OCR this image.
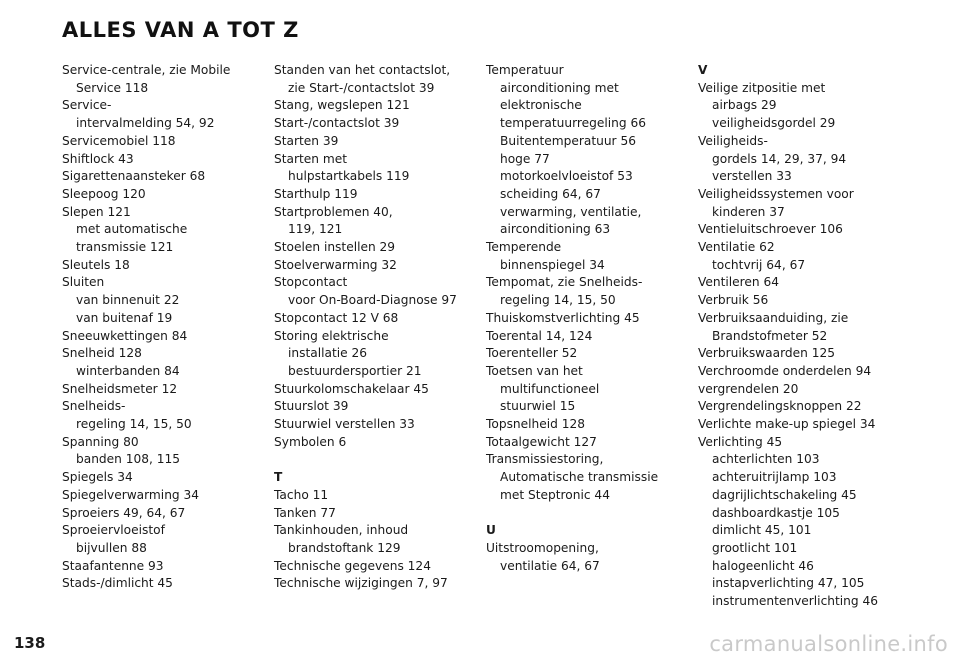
ALLES VAN A TOT Z
Service-centrale, zie Mobile
Service 118
Service-
intervalmelding 54, 92
Servicemobiel 118
Shiftlock 43
Sigarettenaansteker 68
Sleepoog 120
Slepen 121
met automatische
transmissie 121
Sleutels 18
Sluiten
van binnenuit 22
van buitenaf 19
Sneeuwkettingen 84
Snelheid 128
winterbanden 84
Snelheidsmeter 12
Snelheids-
regeling 14, 15, 50
Spanning 80
banden 108, 115
Spiegels 34
Spiegelverwarming 34
Sproeiers 49, 64, 67
Sproeiervloeistof
bijvullen 88
Staafantenne 93
Stads-/dimlicht 45
Standen van het contactslot,
zie Start-/contactslot 39
Stang, wegslepen 121
Start-/contactslot 39
Starten 39
Starten met
hulpstartkabels 119
Starthulp 119
Startproblemen 40,
119, 121
Stoelen instellen 29
Stoelverwarming 32
Stopcontact
voor On-Board-Diagnose 97
Stopcontact 12 V 68
Storing elektrische
installatie 26
bestuurdersportier 21
Stuurkolomschakelaar 45
Stuurslot 39
Stuurwiel verstellen 33
Symbolen 6
T
Tacho 11
Tanken 77
Tankinhouden, inhoud
brandstoftank 129
Technische gegevens 124
Technische wijzigingen 7, 97
Temperatuur
airconditioning met
elektronische
temperatuurregeling 66
Buitentemperatuur 56
hoge 77
motorkoelvloeistof 53
scheiding 64, 67
verwarming, ventilatie,
airconditioning 63
Temperende
binnenspiegel 34
Tempomat, zie Snelheids-
regeling 14, 15, 50
Thuiskomstverlichting 45
Toerental 14, 124
Toerenteller 52
Toetsen van het
multifunctioneel
stuurwiel 15
Topsnelheid 128
Totaalgewicht 127
Transmissiestoring,
Automatische transmissie
met Steptronic 44
U
Uitstroomopening,
ventilatie 64, 67
V
Veilige zitpositie met
airbags 29
veiligheidsgordel 29
Veiligheids-
gordels 14, 29, 37, 94
verstellen 33
Veiligheidssystemen voor
kinderen 37
Ventieluitschroever 106
Ventilatie 62
tochtvrij 64, 67
Ventileren 64
Verbruik 56
Verbruiksaanduiding, zie
Brandstofmeter 52
Verbruikswaarden 125
Verchroomde onderdelen 94
vergrendelen 20
Vergrendelingsknoppen 22
Verlichte make-up spiegel 34
Verlichting 45
achterlichten 103
achteruitrijlamp 103
dagrijlichtschakeling 45
dashboardkastje 105
dimlicht 45, 101
grootlicht 101
halogeenlicht 46
instapverlichting 47, 105
instrumentenverlichting 46
138	carmanualsonline.info
